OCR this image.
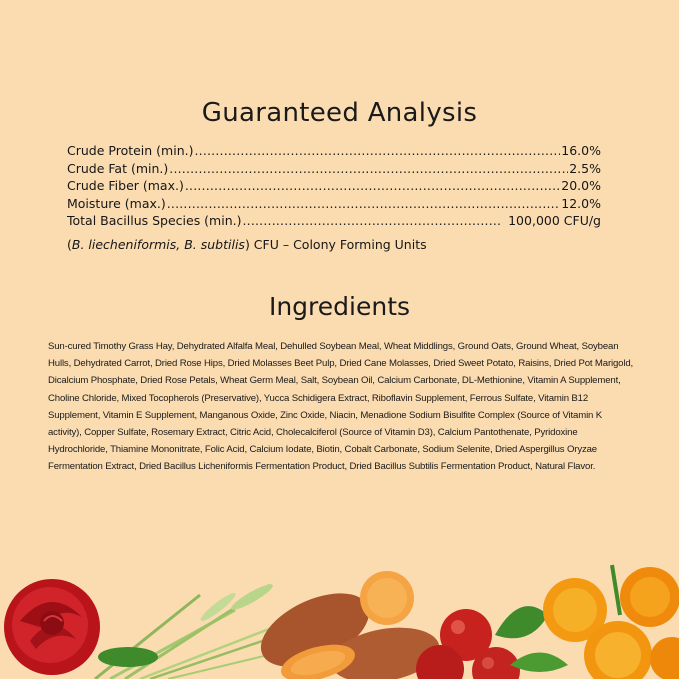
Guaranteed Analysis
Crude Protein (min.) .....	16.0%
Crude Fat (min.) .....	2.5%
Crude Fiber (max.) .....	20.0%
Moisture (max.) .....	12.0%
Total Bacillus Species (min.) .....	100,000 CFU/g
(B. liecheniformis, B. subtilis) CFU – Colony Forming Units
Ingredients
Sun-cured Timothy Grass Hay, Dehydrated Alfalfa Meal, Dehulled Soybean Meal, Wheat Middlings, Ground Oats, Ground Wheat, Soybean Hulls, Dehydrated Carrot, Dried Rose Hips, Dried Molasses Beet Pulp, Dried Cane Molasses, Dried Sweet Potato, Raisins, Dried Pot Marigold, Dicalcium Phosphate, Dried Rose Petals, Wheat Germ Meal, Salt, Soybean Oil, Calcium Carbonate, DL-Methionine, Vitamin A Supplement, Choline Chloride, Mixed Tocopherols (Preservative), Yucca Schidigera Extract, Riboflavin Supplement, Ferrous Sulfate, Vitamin B12 Supplement, Vitamin E Supplement, Manganous Oxide, Zinc Oxide, Niacin, Menadione Sodium Bisulfite Complex (Source of Vitamin K activity), Copper Sulfate, Rosemary Extract, Citric Acid, Cholecalciferol (Source of Vitamin D3), Calcium Pantothenate, Pyridoxine Hydrochloride, Thiamine Mononitrate, Folic Acid, Calcium Iodate, Biotin, Cobalt Carbonate, Sodium Selenite, Dried Aspergillus Oryzae Fermentation Extract, Dried Bacillus Licheniformis Fermentation Product, Dried Bacillus Subtilis Fermentation Product, Natural Flavor.
